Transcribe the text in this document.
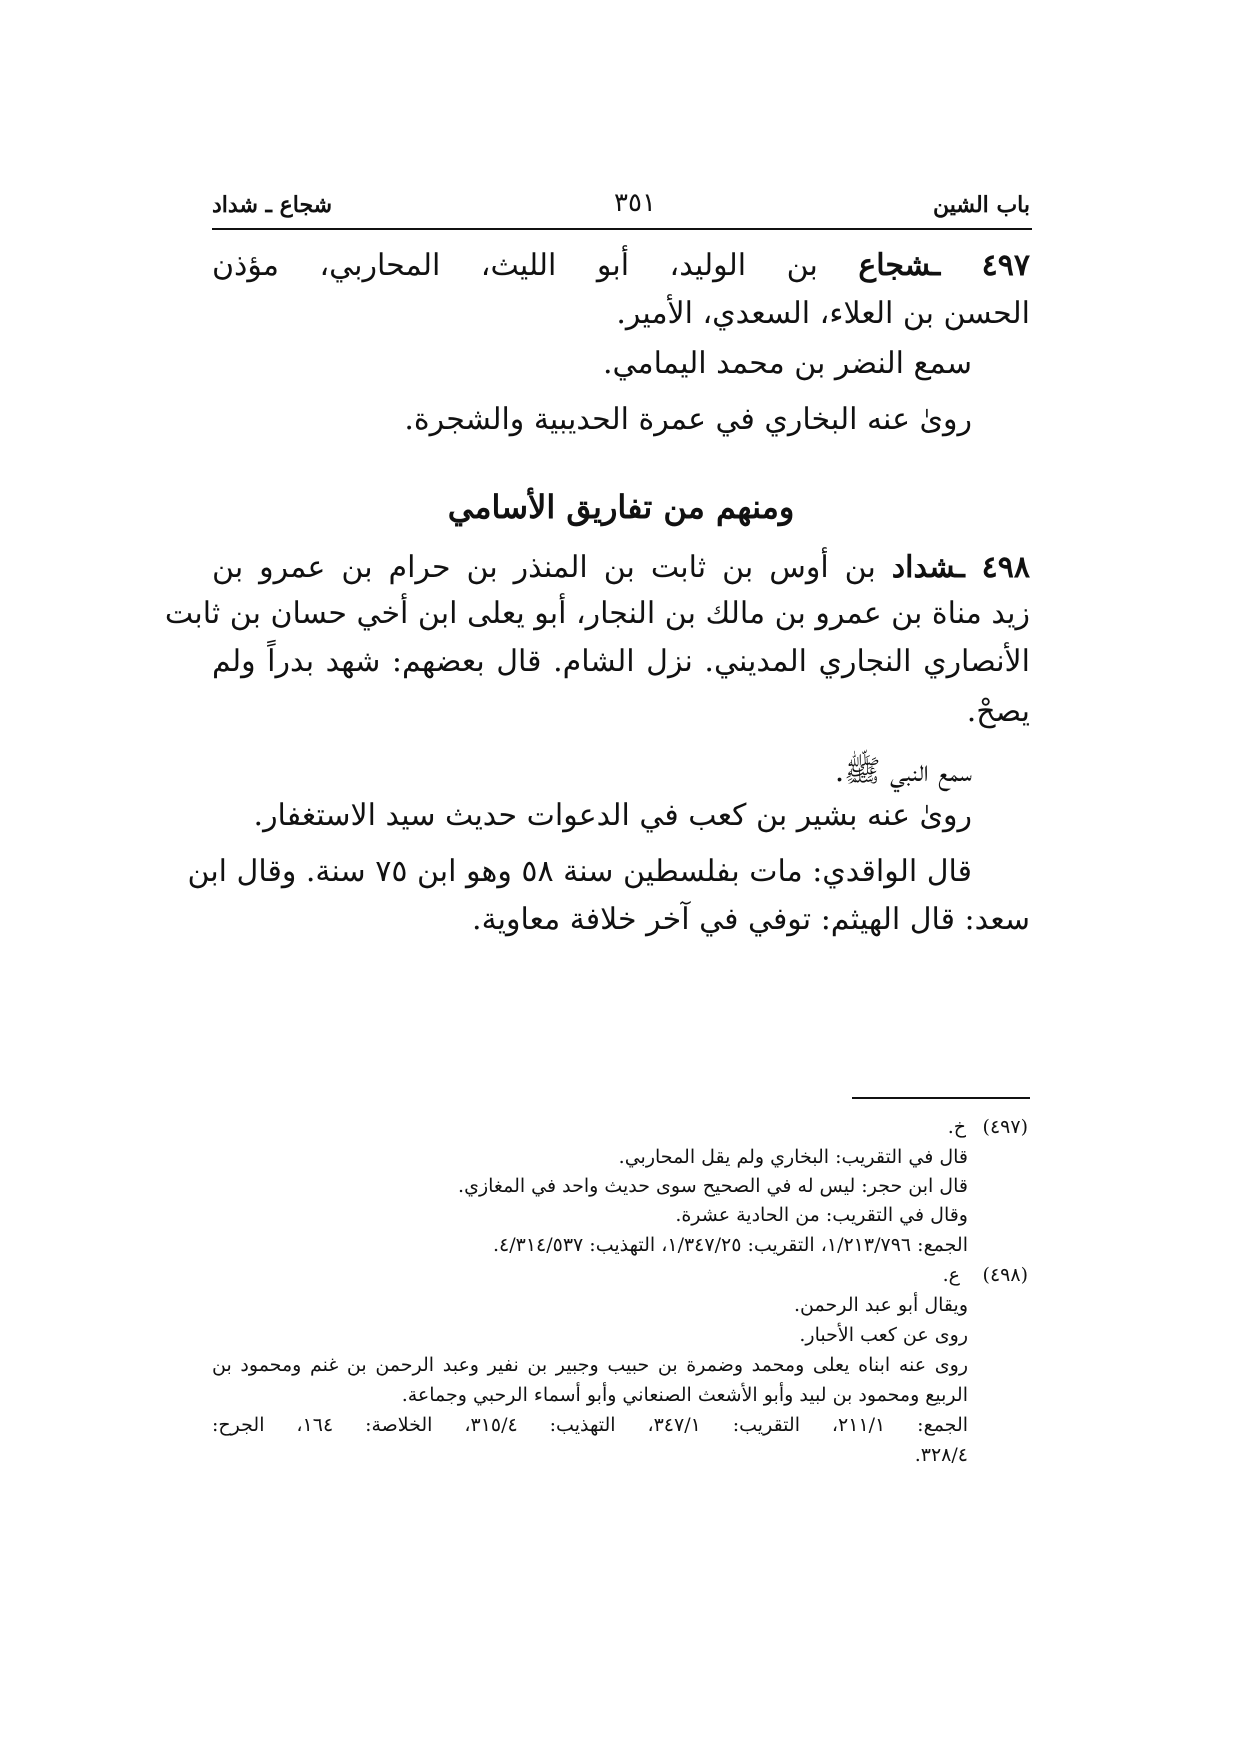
باب الشين
٣٥١
شجاع ـ شداد
٤٩٧ ـشجاع بن الوليد، أبو الليث، المحاربي، مؤذن
الحسن بن العلاء، السعدي، الأمير.
سمع النضر بن محمد اليمامي.
روىٰ عنه البخاري في عمرة الحديبية والشجرة.
ومنهم من تفاريق الأسامي
٤٩٨ ـشداد بن أوس بن ثابت بن المنذر بن حرام بن عمرو بن
زيد مناة بن عمرو بن مالك بن النجار، أبو يعلى ابن أخي حسان بن ثابت
الأنصاري النجاري المديني. نزل الشام. قال بعضهم: شهد بدراً ولم
يصحْ.
سمع النبي ﷺ.
روىٰ عنه بشير بن كعب في الدعوات حديث سيد الاستغفار.
قال الواقدي: مات بفلسطين سنة ٥٨ وهو ابن ٧٥ سنة. وقال ابن
سعد: قال الهيثم: توفي في آخر خلافة معاوية.
(٤٩٧)
خ.
قال في التقريب: البخاري ولم يقل المحاربي.
قال ابن حجر: ليس له في الصحيح سوى حديث واحد في المغازي.
وقال في التقريب: من الحادية عشرة.
الجمع: ١/٢١٣/٧٩٦، التقريب: ١/٣٤٧/٢٥، التهذيب: ٤/٣١٤/٥٣٧.
(٤٩٨)
ع.
ويقال أبو عبد الرحمن.
روى عن كعب الأحبار.
روى عنه ابناه يعلى ومحمد وضمرة بن حبيب وجبير بن نفير وعبد الرحمن بن غنم ومحمود بن
الربيع ومحمود بن لبيد وأبو الأشعث الصنعاني وأبو أسماء الرحبي وجماعة.
الجمع: ٢١١/١، التقريب: ٣٤٧/١، التهذيب: ٣١٥/٤، الخلاصة: ١٦٤، الجرح:
٣٢٨/٤.
